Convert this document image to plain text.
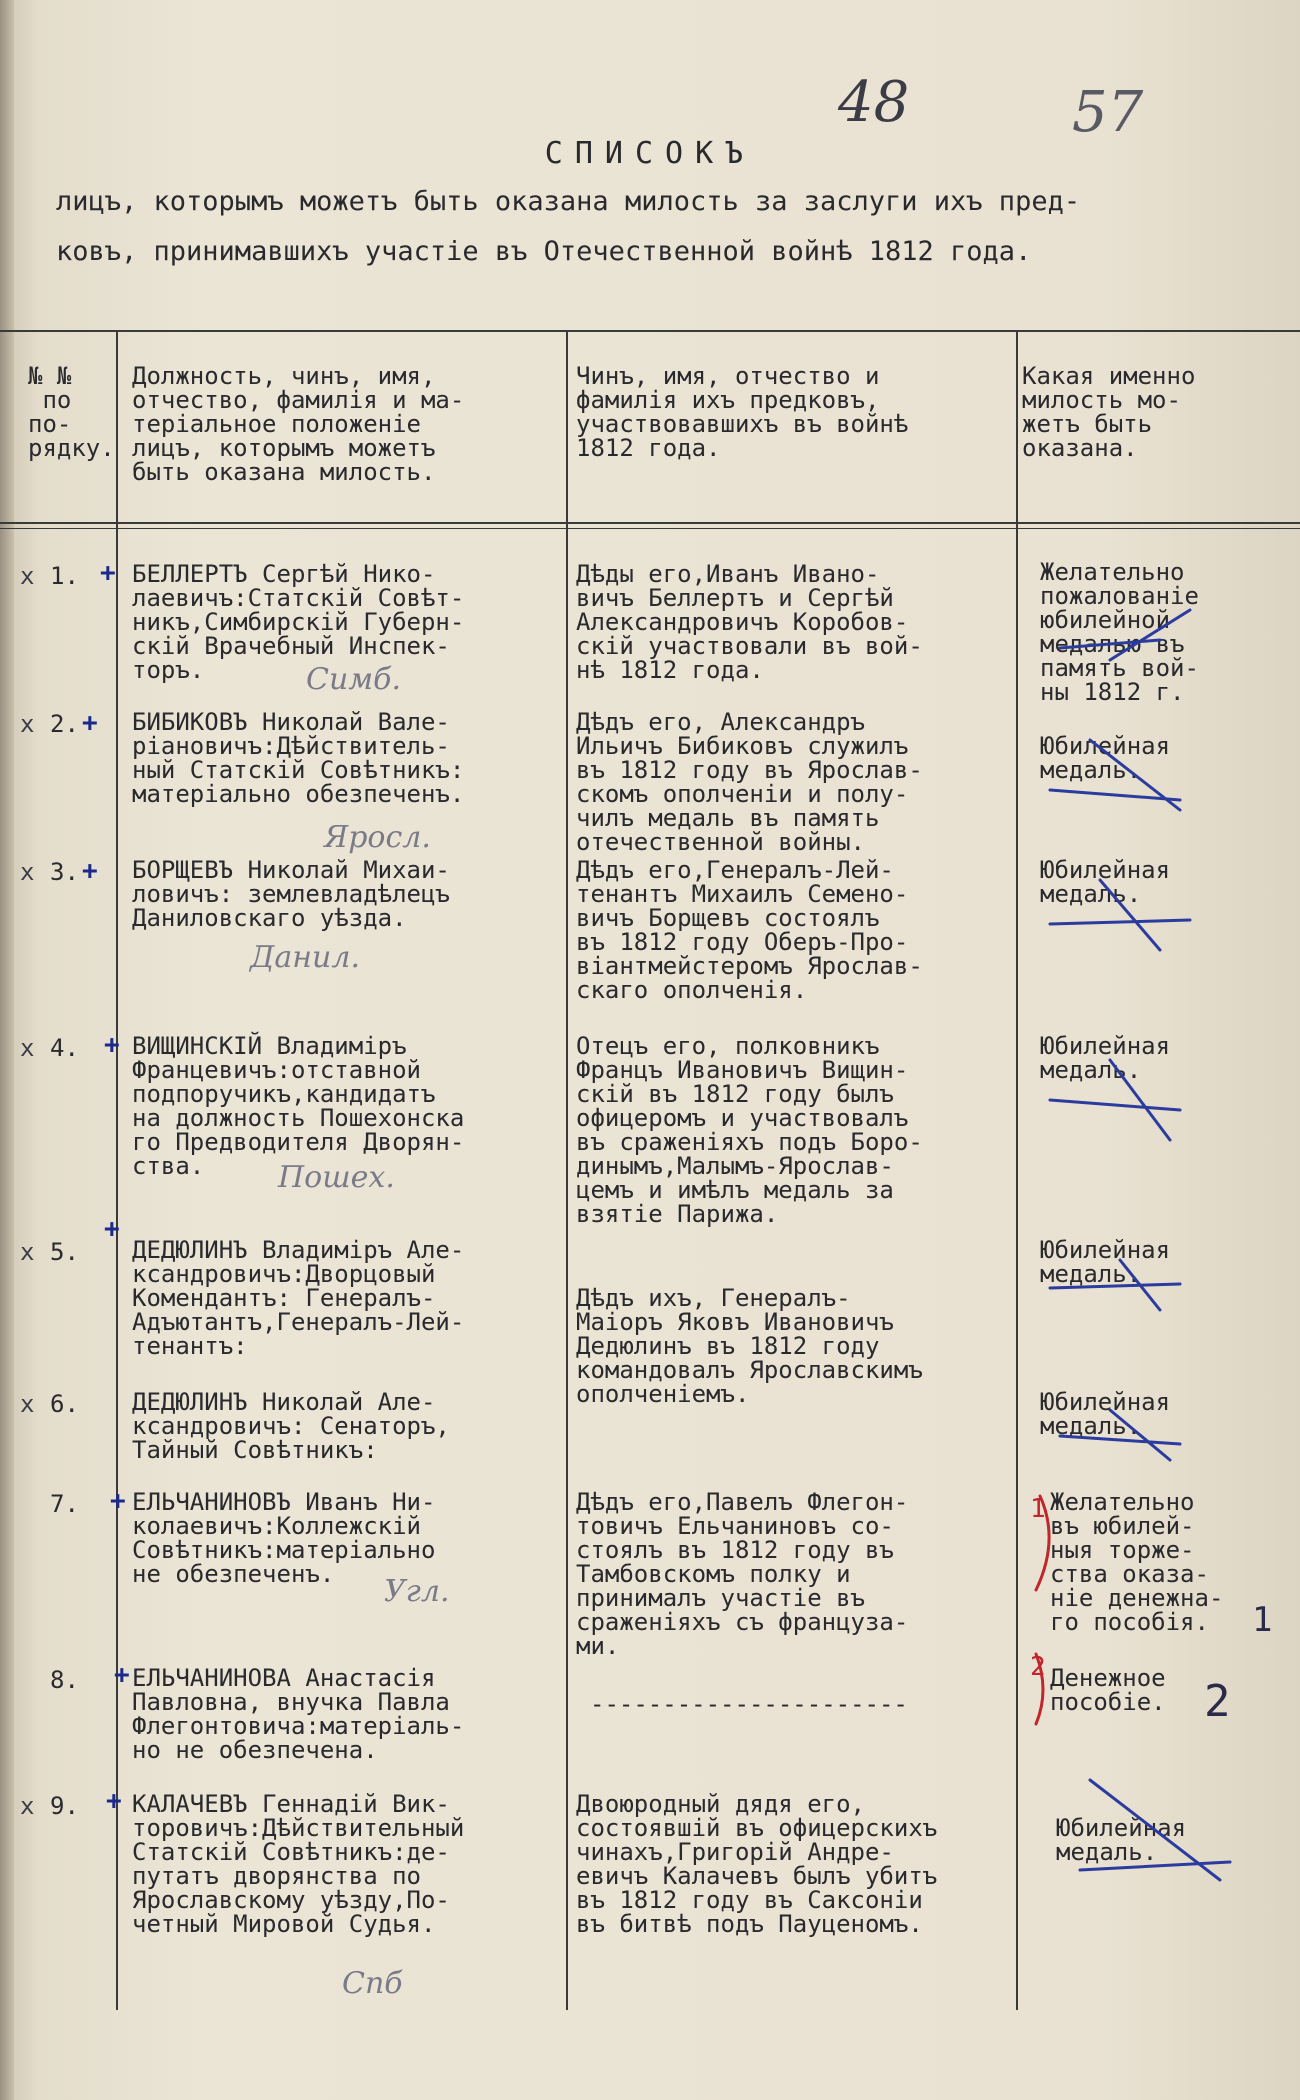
48	57
СПИСОКЪ
лицъ, которымъ можетъ быть оказана милость за заслуги ихъ пред-
ковъ, принимавшихъ участіе въ Отечественной войнѣ 1812 года.
№ №
по
по-
рядку.
Должность, чинъ, имя,
отчество, фамилія и ма-
теріальное положеніе
лицъ, которымъ можетъ
быть оказана милость.
Чинъ, имя, отчество и
фамилія ихъ предковъ,
участвовавшихъ въ войнѣ
1812 года.
Какая именно
милость мо-
жетъ быть
оказана.
x 1. + БЕЛЛЕРТЪ Сергѣй Нико-
лаевичъ:Статскій Совѣт-
никъ,Симбирскій Губерн-
скій Врачебный Инспек-
торъ.
Дѣды его,Иванъ Ивано-
вичъ Беллертъ и Сергѣй
Александровичъ Коробов-
скій участвовали въ вой-
нѣ 1812 года.
Желательно
пожалованіе
юбилейной
медалью въ
память вой-
ны 1812 г.
Симб.
x 2. + БИБИКОВЪ Николай Вале-
ріановичъ:Дѣйствитель-
ный Статскій Совѣтникъ:
матеріально обезпеченъ.
Дѣдъ его, Александръ
Ильичъ Бибиковъ служилъ
въ 1812 году въ Ярослав-
скомъ ополченіи и полу-
чилъ медаль въ память
отечественной войны.
Юбилейная
медаль.
Яросл.
x 3. + БОРЩЕВЪ Николай Михаи-
ловичъ: землевладѣлецъ
Даниловскаго уѣзда.
Дѣдъ его,Генералъ-Лей-
тенантъ Михаилъ Семено-
вичъ Борщевъ состоялъ
въ 1812 году Оберъ-Про-
віантмейстеромъ Ярослав-
скаго ополченія.
Юбилейная
медаль.
Данил.
x 4. + ВИЩИНСКІЙ Владиміръ
Францевичъ:отставной
подпоручикъ,кандидатъ
на должность Пошехонска
го Предводителя Дворян-
ства.
Отецъ его, полковникъ
Францъ Ивановичъ Вищин-
скій въ 1812 году былъ
офицеромъ и участвовалъ
въ сраженіяхъ подъ Боро-
динымъ,Малымъ-Ярослав-
цемъ и имѣлъ медаль за
взятіе Парижа.
Юбилейная
медаль.
Пошех.
x 5.
+
ДЕДЮЛИНЪ Владиміръ Але-
ксандровичъ:Дворцовый
Комендантъ: Генералъ-
Адъютантъ,Генералъ-Лей-
тенантъ:
Юбилейная
медаль.
x 6. ДЕДЮЛИНЪ Николай Але-
ксандровичъ: Сенаторъ,
Тайный Совѣтникъ:
Дѣдъ ихъ, Генералъ-
Маіоръ Яковъ Ивановичъ
Дедюлинъ въ 1812 году
командовалъ Ярославскимъ
ополченіемъ.	Юбилейная
медаль.
7. + ЕЛЬЧАНИНОВЪ Иванъ Ни-
колаевичъ:Коллежскій
Совѣтникъ:матеріально
не обезпеченъ.
Дѣдъ его,Павелъ Флегон-
товичъ Ельчаниновъ со-
стоялъ въ 1812 году въ
Тамбовскомъ полку и
принималъ участіе въ
сраженіяхъ съ француза-
ми.
Желательно
въ юбилей-
ныя торже-
ства оказа-
ніе денежна-
го пособія.
Угл.
8. + ЕЛЬЧАНИНОВА Анастасія
Павловна, внучка Павла
Флегонтовича:матеріаль-
но не обезпечена.
----------------------
Денежное
пособіе.
x 9. + КАЛАЧЕВЪ Геннадій Вик-
торовичъ:Дѣйствительный
Статскій Совѣтникъ:де-
путатъ дворянства по
Ярославскому уѣзду,По-
четный Мировой Судья.
Двоюродный дядя его,
состоявшій въ офицерскихъ
чинахъ,Григорій Андре-
евичъ Калачевъ былъ убитъ
въ 1812 году въ Саксоніи
въ битвѣ подъ Пауценомъ.
Юбилейная
медаль.
Спб
1
1
2
2
